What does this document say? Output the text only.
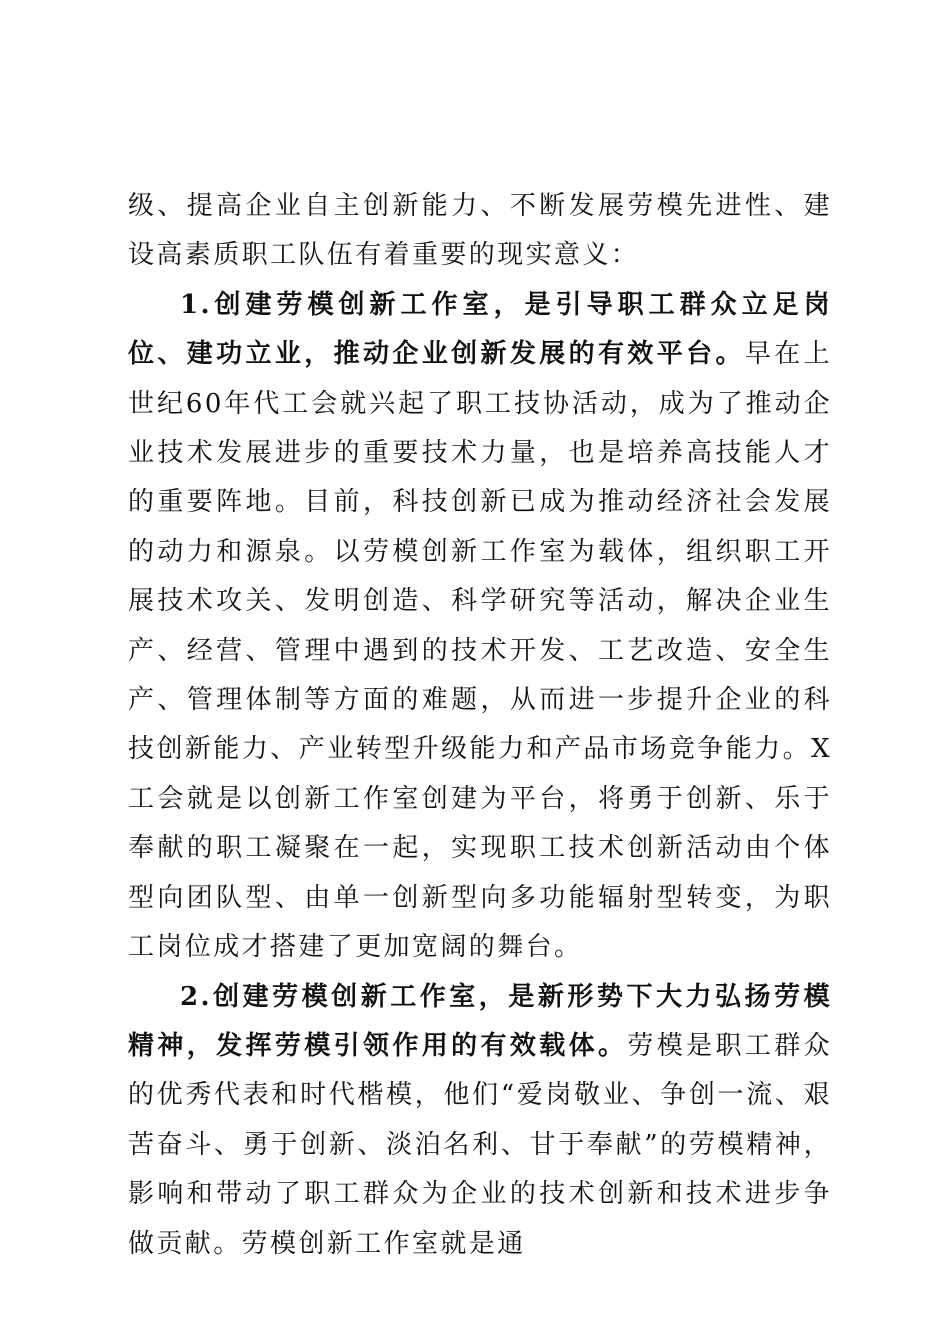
级、提高企业自主创新能力、不断发展劳模先进性、建设高素质职工队伍有着重要的现实意义：

1.创建劳模创新工作室，是引导职工群众立足岗位、建功立业，推动企业创新发展的有效平台。早在上世纪60年代工会就兴起了职工技协活动，成为了推动企业技术发展进步的重要技术力量，也是培养高技能人才的重要阵地。目前，科技创新已成为推动经济社会发展的动力和源泉。以劳模创新工作室为载体，组织职工开展技术攻关、发明创造、科学研究等活动，解决企业生产、经营、管理中遇到的技术开发、工艺改造、安全生产、管理体制等方面的难题，从而进一步提升企业的科技创新能力、产业转型升级能力和产品市场竞争能力。X工会就是以创新工作室创建为平台，将勇于创新、乐于奉献的职工凝聚在一起，实现职工技术创新活动由个体型向团队型、由单一创新型向多功能辐射型转变，为职工岗位成才搭建了更加宽阔的舞台。

2.创建劳模创新工作室，是新形势下大力弘扬劳模精神，发挥劳模引领作用的有效载体。劳模是职工群众的优秀代表和时代楷模，他们“爱岗敬业、争创一流、艰苦奋斗、勇于创新、淡泊名利、甘于奉献”的劳模精神，影响和带动了职工群众为企业的技术创新和技术进步争做贡献。劳模创新工作室就是通
